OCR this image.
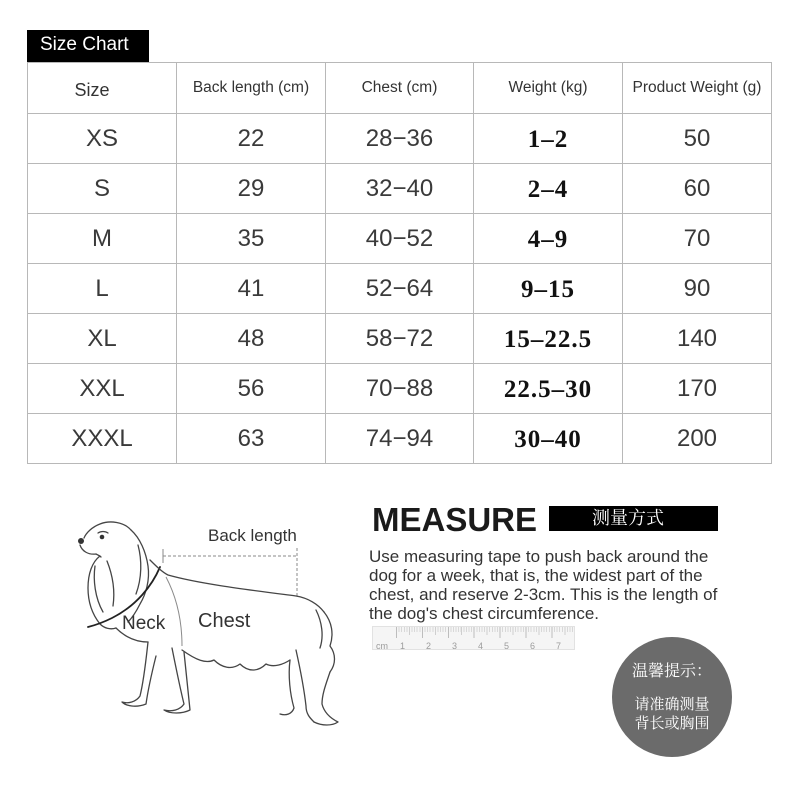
Size Chart
Size	Back length (cm)	Chest (cm)	Weight (kg)	Product Weight (g)
XS	22	28−36	1–2	50
S	29	32−40	2–4	60
M	35	40−52	4–9	70
L	41	52−64	9–15	90
XL	48	58−72	15–22.5	140
XXL	56	70−88	22.5–30	170
XXXL	63	74−94	30–40	200
Back length
Neck Chest
MEASURE	测量方式
Use measuring tape to push back around the
dog for a week, that is, the widest part of the
chest, and reserve 2-3cm. This is the length of
the dog's chest circumference.
cm 1 2 3 4 5 6 7
温馨提示：
请准确测量
背长或胸围
